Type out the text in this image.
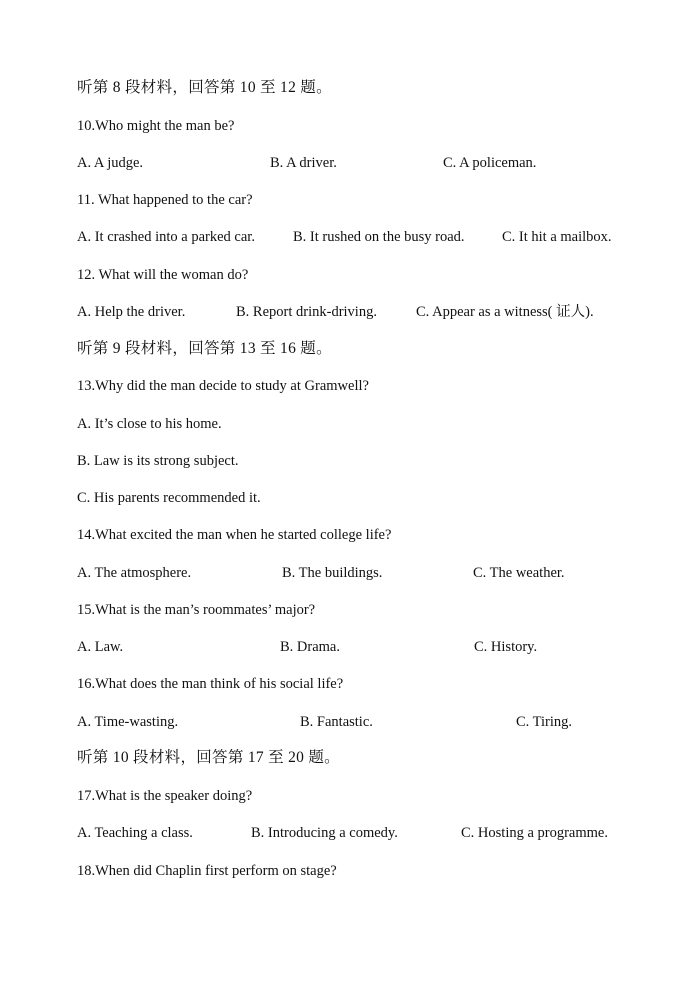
听第 8 段材料，回答第 10 至 12 题。
10.Who might the man be?
A. A judge.	B. A driver.	C. A policeman.
11. What happened to the car?
A. It crashed into a parked car.	B. It rushed on the busy road.	C. It hit a mailbox.
12. What will the woman do?
A. Help the driver.	B. Report drink-driving.	C. Appear as a witness( 证人).
听第 9 段材料，回答第 13 至 16 题。
13.Why did the man decide to study at Gramwell?
A. It’s close to his home.
B. Law is its strong subject.
C. His parents recommended it.
14.What excited the man when he started college life?
A. The atmosphere.	B. The buildings.	C. The weather.
15.What is the man’s roommates’ major?
A. Law.	B. Drama.	C. History.
16.What does the man think of his social life?
A. Time-wasting.	B. Fantastic.	C. Tiring.
听第 10 段材料，回答第 17 至 20 题。
17.What is the speaker doing?
A. Teaching a class.	B. Introducing a comedy.	C. Hosting a programme.
18.When did Chaplin first perform on stage?
